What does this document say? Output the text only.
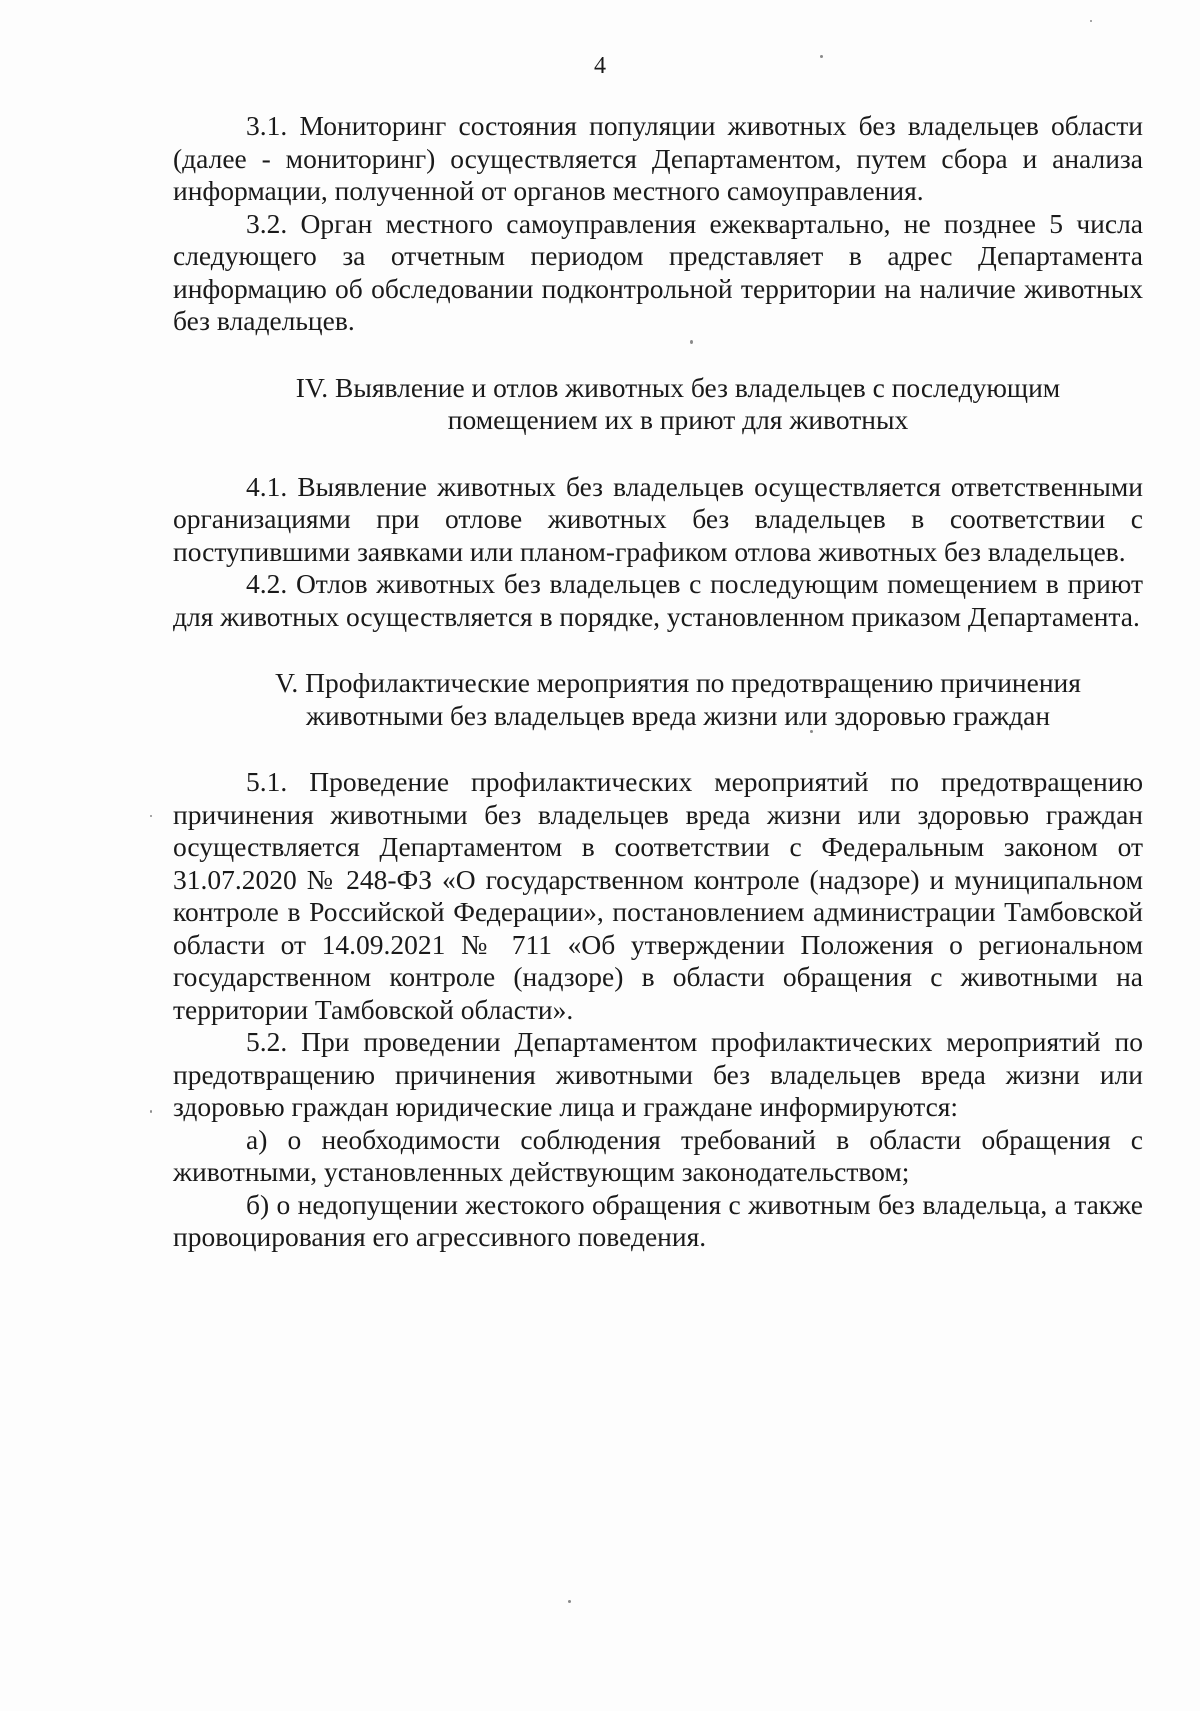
4

3.1. Мониторинг состояния популяции животных без владельцев области (далее - мониторинг) осуществляется Департаментом, путем сбора и анализа информации, полученной от органов местного самоуправления.

3.2. Орган местного самоуправления ежеквартально, не позднее 5 числа следующего за отчетным периодом представляет в адрес Департамента информацию об обследовании подконтрольной территории на наличие животных без владельцев.

IV. Выявление и отлов животных без владельцев с последующим
помещением их в приют для животных

4.1. Выявление животных без владельцев осуществляется ответственными организациями при отлове животных без владельцев в соответствии с поступившими заявками или планом-графиком отлова животных без владельцев.

4.2. Отлов животных без владельцев с последующим помещением в приют для животных осуществляется в порядке, установленном приказом Департамента.

V. Профилактические мероприятия по предотвращению причинения
животными без владельцев вреда жизни или здоровью граждан

5.1. Проведение профилактических мероприятий по предотвращению причинения животными без владельцев вреда жизни или здоровью граждан осуществляется Департаментом в соответствии с Федеральным законом от 31.07.2020 № 248-ФЗ «О государственном контроле (надзоре) и муниципальном контроле в Российской Федерации», постановлением администрации Тамбовской области от 14.09.2021 № 711 «Об утверждении Положения о региональном государственном контроле (надзоре) в области обращения с животными на территории Тамбовской области».

5.2. При проведении Департаментом профилактических мероприятий по предотвращению причинения животными без владельцев вреда жизни или здоровью граждан юридические лица и граждане информируются:

а) о необходимости соблюдения требований в области обращения с животными, установленных действующим законодательством;

б) о недопущении жестокого обращения с животным без владельца, а также провоцирования его агрессивного поведения.
